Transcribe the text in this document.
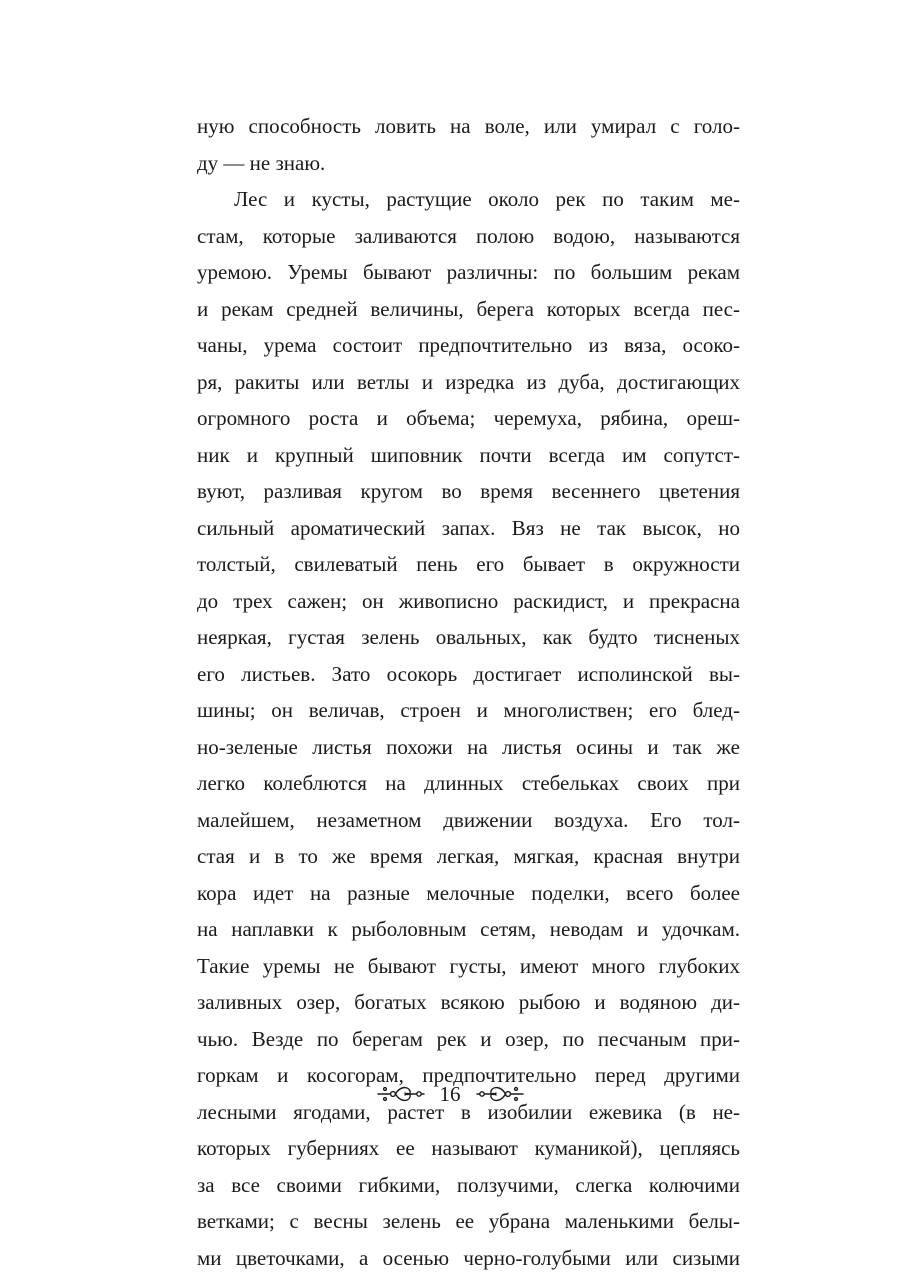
ную способность ловить на воле, или умирал с голо-
ду — не знаю.
Лес и кусты, растущие около рек по таким ме-
стам, которые заливаются полою водою, называются
уремою. Уремы бывают различны: по большим рекам
и рекам средней величины, берега которых всегда пес-
чаны, урема состоит предпочтительно из вяза, осоко-
ря, ракиты или ветлы и изредка из дуба, достигающих
огромного роста и объема; черемуха, рябина, ореш-
ник и крупный шиповник почти всегда им сопутст-
вуют, разливая кругом во время весеннего цветения
сильный ароматический запах. Вяз не так высок, но
толстый, свилеватый пень его бывает в окружности
до трех сажен; он живописно раскидист, и прекрасна
неяркая, густая зелень овальных, как будто тисненых
его листьев. Зато осокорь достигает исполинской вы-
шины; он величав, строен и многолиствен; его блед-
но-зеленые листья похожи на листья осины и так же
легко колеблются на длинных стебельках своих при
малейшем, незаметном движении воздуха. Его тол-
стая и в то же время легкая, мягкая, красная внутри
кора идет на разные мелочные поделки, всего более
на наплавки к рыболовным сетям, неводам и удочкам.
Такие уремы не бывают густы, имеют много глубоких
заливных озер, богатых всякою рыбою и водяною ди-
чью. Везде по берегам рек и озер, по песчаным при-
горкам и косогорам, предпочтительно перед другими
лесными ягодами, растет в изобилии ежевика (в не-
которых губерниях ее называют куманикой), цепляясь
за все своими гибкими, ползучими, слегка колючими
ветками; с весны зелень ее убрана маленькими белы-
ми цветочками, а осенью черно-голубыми или сизыми
16
